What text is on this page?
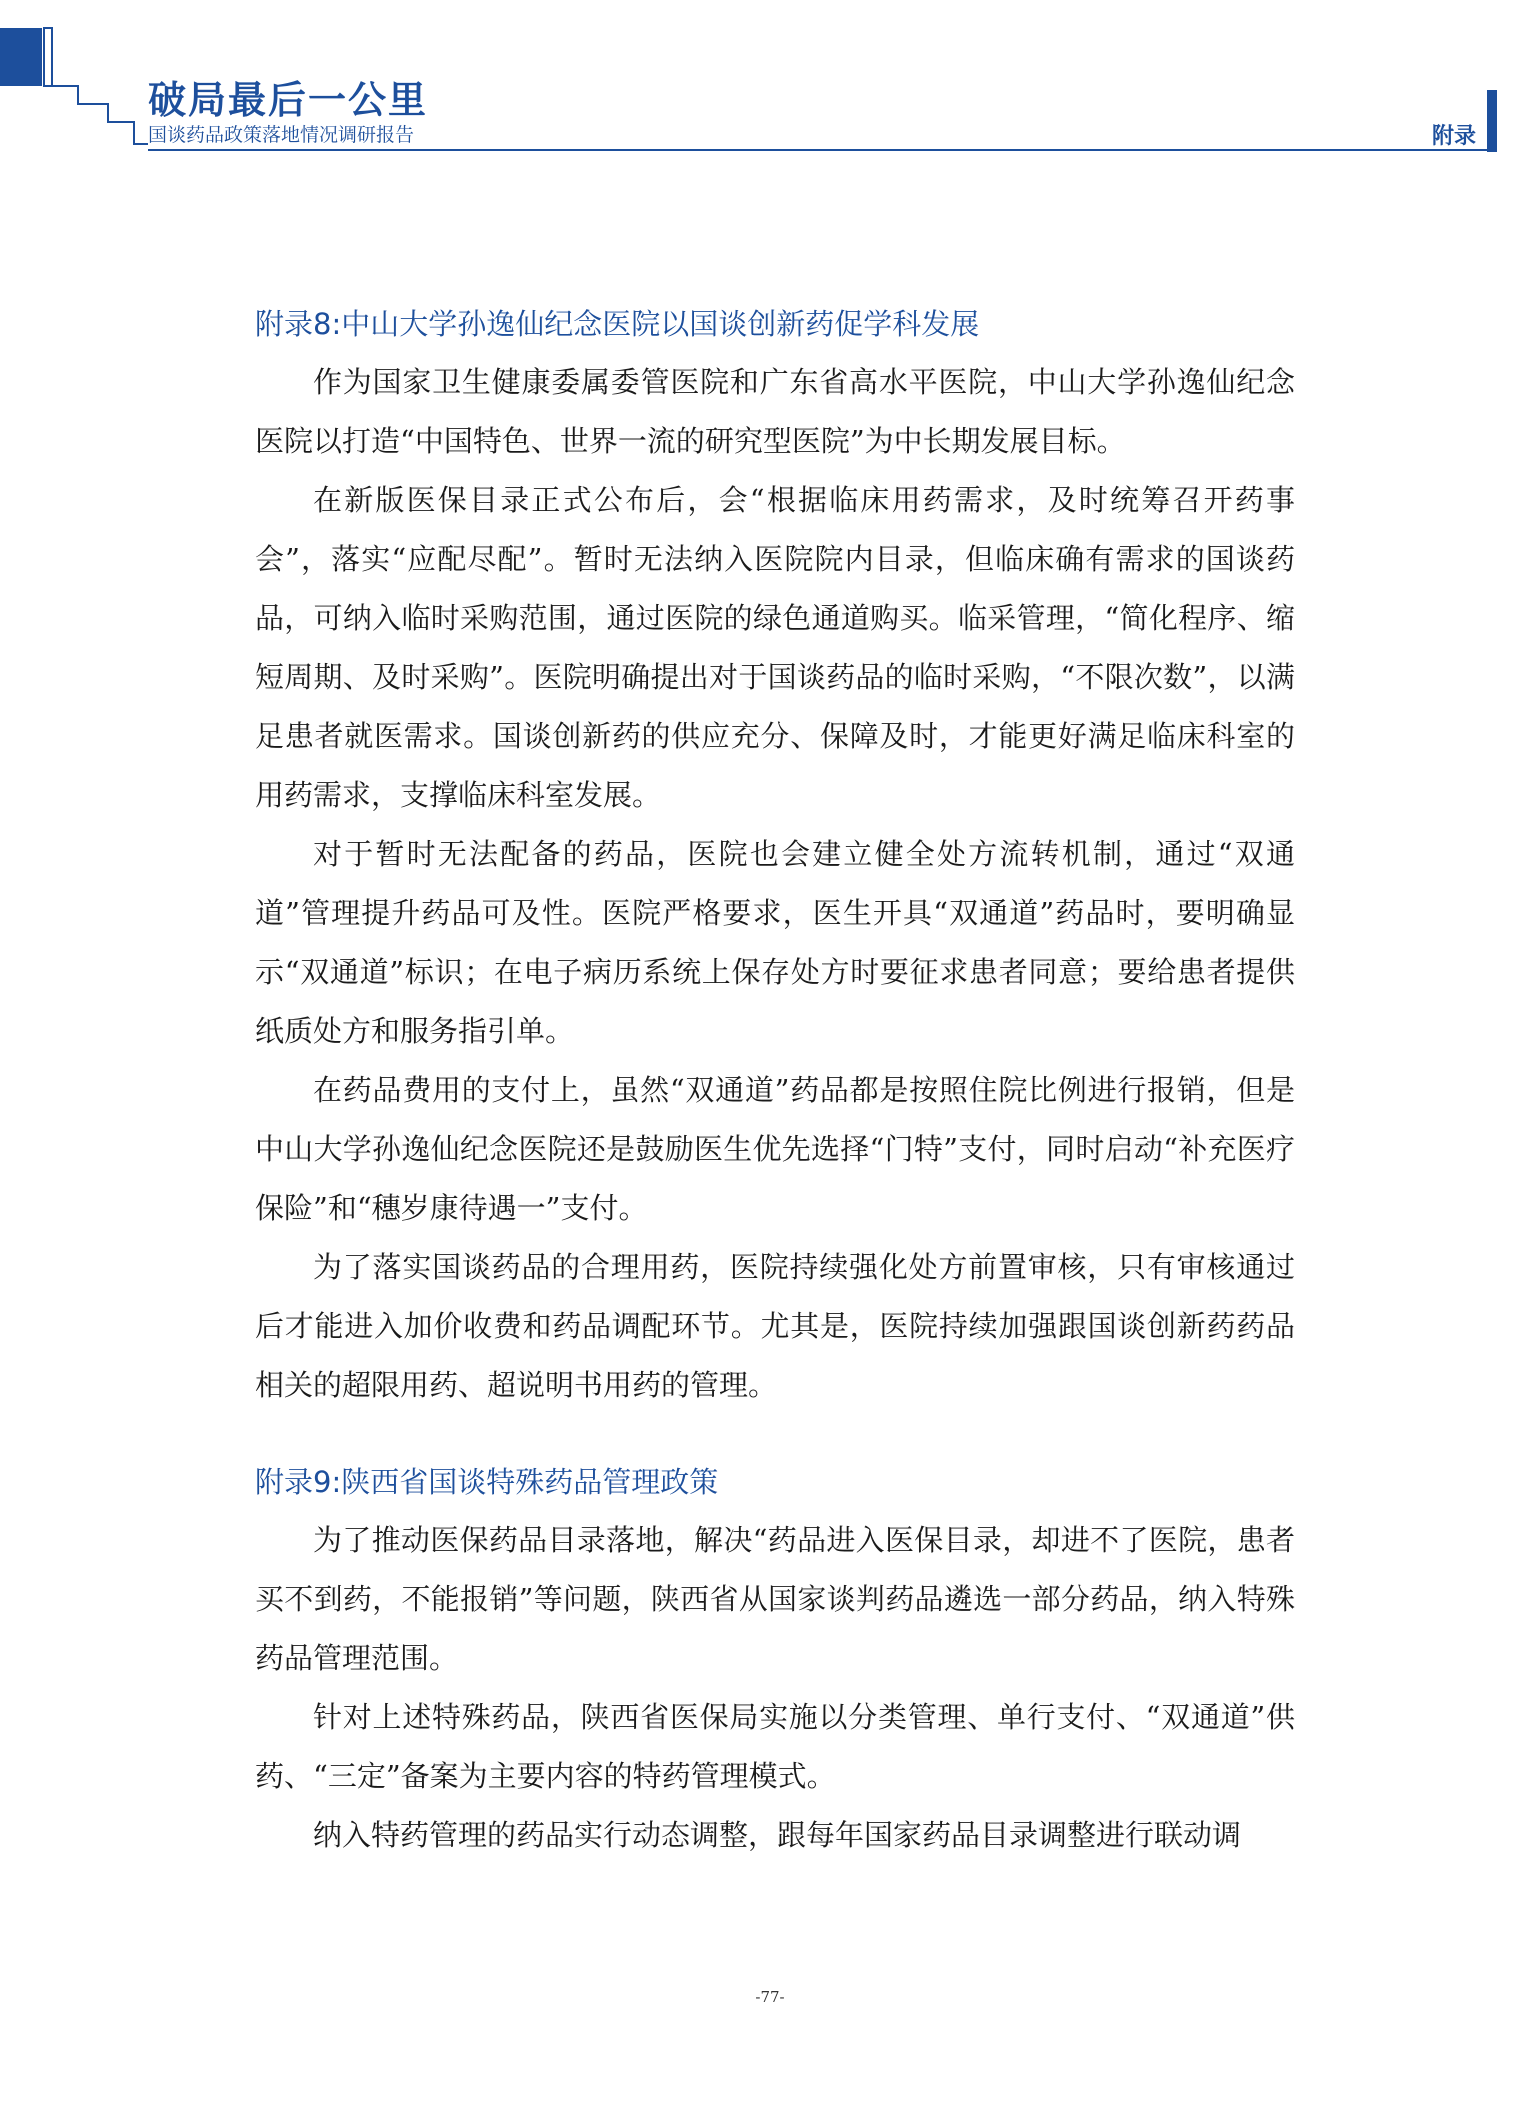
破局最后一公里
国谈药品政策落地情况调研报告	附录
附录8:中山大学孙逸仙纪念医院以国谈创新药促学科发展

作为国家卫生健康委属委管医院和广东省高水平医院，中山大学孙逸仙纪念医院以打造“中国特色、世界一流的研究型医院”为中长期发展目标。

在新版医保目录正式公布后，会“根据临床用药需求，及时统筹召开药事会”，落实“应配尽配”。暂时无法纳入医院院内目录，但临床确有需求的国谈药品，可纳入临时采购范围，通过医院的绿色通道购买。临采管理，“简化程序、缩短周期、及时采购”。医院明确提出对于国谈药品的临时采购，“不限次数”，以满足患者就医需求。国谈创新药的供应充分、保障及时，才能更好满足临床科室的用药需求，支撑临床科室发展。

对于暂时无法配备的药品，医院也会建立健全处方流转机制，通过“双通道”管理提升药品可及性。医院严格要求，医生开具“双通道”药品时，要明确显示“双通道”标识；在电子病历系统上保存处方时要征求患者同意；要给患者提供纸质处方和服务指引单。

在药品费用的支付上，虽然“双通道”药品都是按照住院比例进行报销，但是中山大学孙逸仙纪念医院还是鼓励医生优先选择“门特”支付，同时启动“补充医疗保险”和“穗岁康待遇一”支付。

为了落实国谈药品的合理用药，医院持续强化处方前置审核，只有审核通过后才能进入加价收费和药品调配环节。尤其是，医院持续加强跟国谈创新药药品相关的超限用药、超说明书用药的管理。

附录9:陕西省国谈特殊药品管理政策

为了推动医保药品目录落地，解决“药品进入医保目录，却进不了医院，患者买不到药，不能报销”等问题，陕西省从国家谈判药品遴选一部分药品，纳入特殊药品管理范围。

针对上述特殊药品，陕西省医保局实施以分类管理、单行支付、“双通道”供药、“三定”备案为主要内容的特药管理模式。

纳入特药管理的药品实行动态调整，跟每年国家药品目录调整进行联动调

-77-
